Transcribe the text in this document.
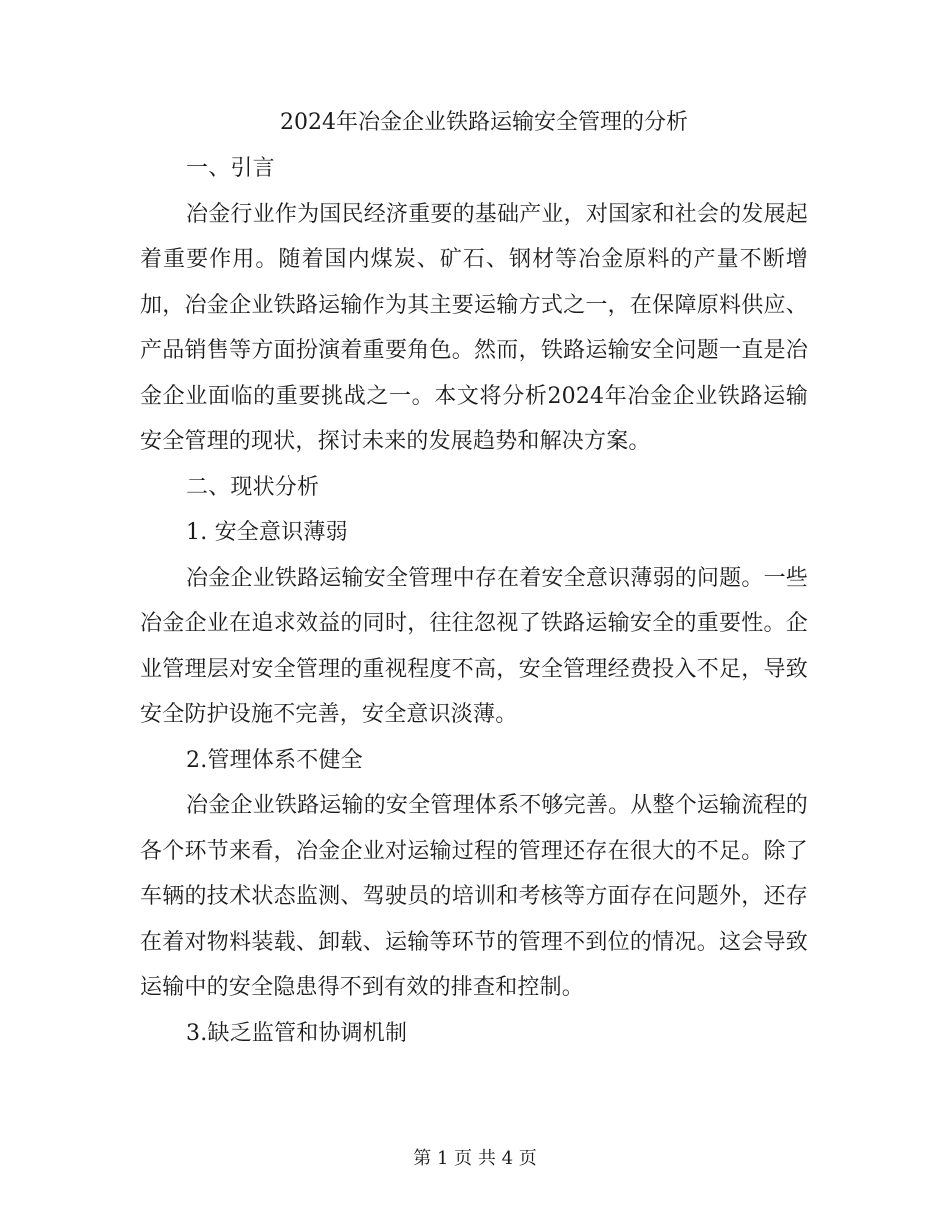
2024年冶金企业铁路运输安全管理的分析

一、引言

冶金行业作为国民经济重要的基础产业，对国家和社会的发展起着重要作用。随着国内煤炭、矿石、钢材等冶金原料的产量不断增加，冶金企业铁路运输作为其主要运输方式之一，在保障原料供应、产品销售等方面扮演着重要角色。然而，铁路运输安全问题一直是冶金企业面临的重要挑战之一。本文将分析2024年冶金企业铁路运输安全管理的现状，探讨未来的发展趋势和解决方案。

二、现状分析

1. 安全意识薄弱

冶金企业铁路运输安全管理中存在着安全意识薄弱的问题。一些冶金企业在追求效益的同时，往往忽视了铁路运输安全的重要性。企业管理层对安全管理的重视程度不高，安全管理经费投入不足，导致安全防护设施不完善，安全意识淡薄。

2.管理体系不健全

冶金企业铁路运输的安全管理体系不够完善。从整个运输流程的各个环节来看，冶金企业对运输过程的管理还存在很大的不足。除了车辆的技术状态监测、驾驶员的培训和考核等方面存在问题外，还存在着对物料装载、卸载、运输等环节的管理不到位的情况。这会导致运输中的安全隐患得不到有效的排查和控制。

3.缺乏监管和协调机制

第 1 页 共 4 页
